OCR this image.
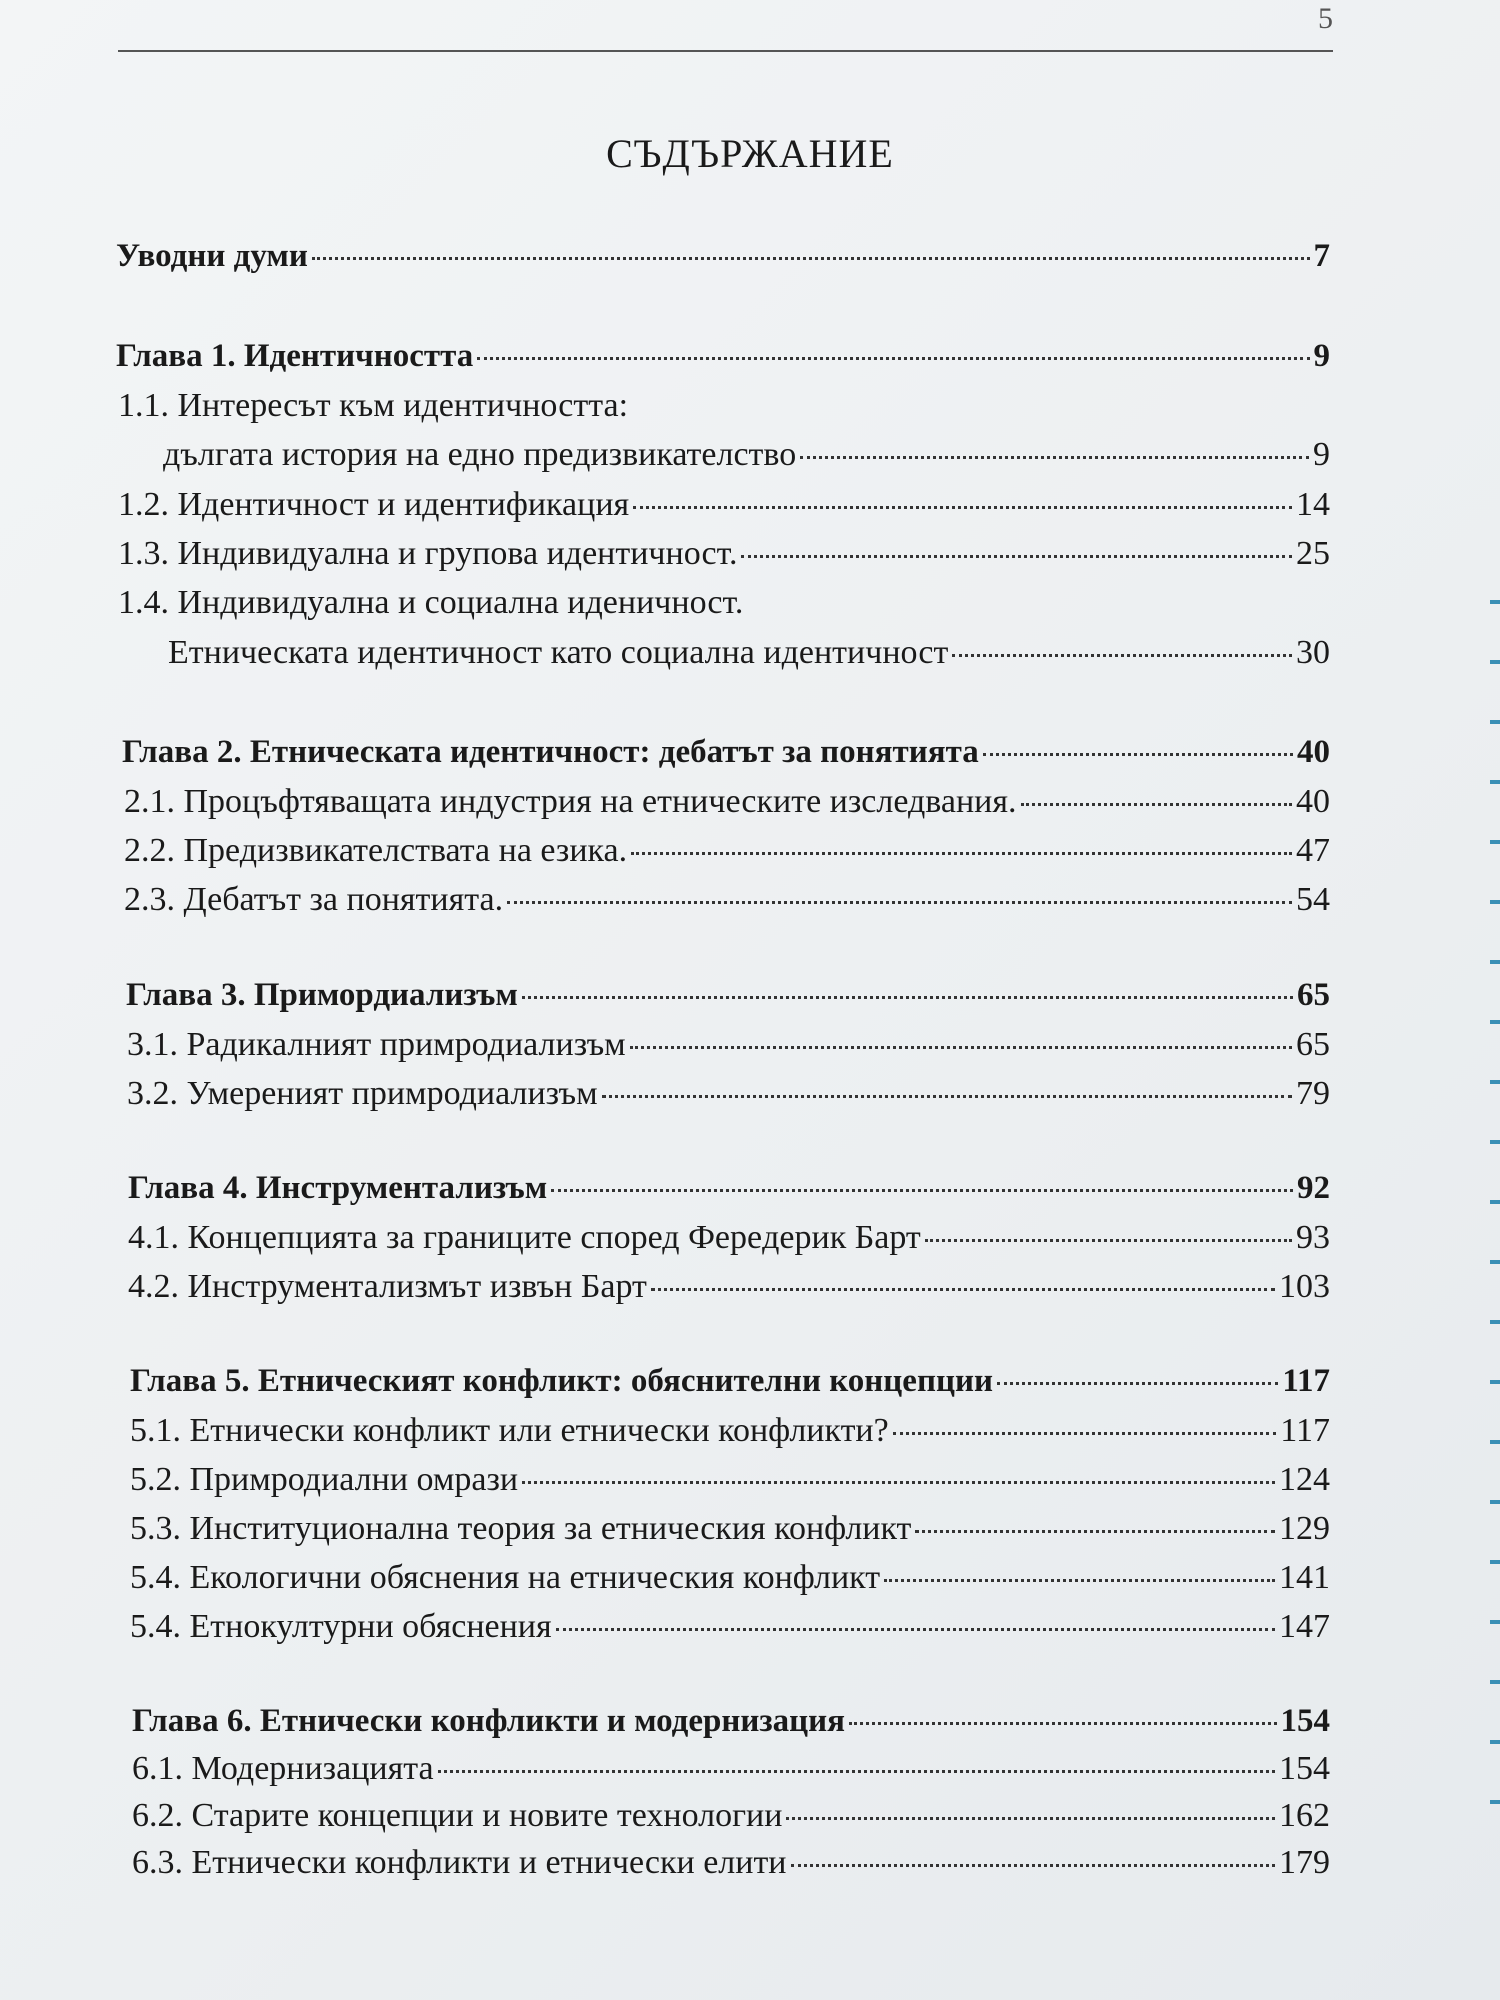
5
СЪДЪРЖАНИЕ
Уводни думи	7
Глава 1. Идентичността	9
1.1. Интересът към идентичността:
дългата история на едно предизвикателство	9
1.2. Идентичност и идентификация	14
1.3. Индивидуална и групова идентичност.	25
1.4. Индивидуална и социална иденичност.
Етническата идентичност като социална идентичност	30
Глава 2. Етническата идентичност: дебатът за понятията	40
2.1. Процъфтяващата индустрия на етническите изследвания.	40
2.2. Предизвикателствата на езика.	47
2.3. Дебатът за понятията.	54
Глава 3. Примордиализъм	65
3.1. Радикалният примродиализъм	65
3.2. Умереният примродиализъм	79
Глава 4. Инструментализъм	92
4.1. Концепцията за границите според Ферeдерик Барт	93
4.2. Инструментализмът извън Барт	103
Глава 5. Етническият конфликт: обяснителни концепции	117
5.1. Етнически конфликт или етнически конфликти?	117
5.2. Примродиални омрази	124
5.3. Институционална теория за етническия конфликт	129
5.4. Екологични обяснения на етническия конфликт	141
5.4. Етнокултурни обяснения	147
Глава 6. Етнически конфликти и модернизация	154
6.1. Модернизацията	154
6.2. Старите концепции и новите технологии	162
6.3. Етнически конфликти и етнически елити	179
